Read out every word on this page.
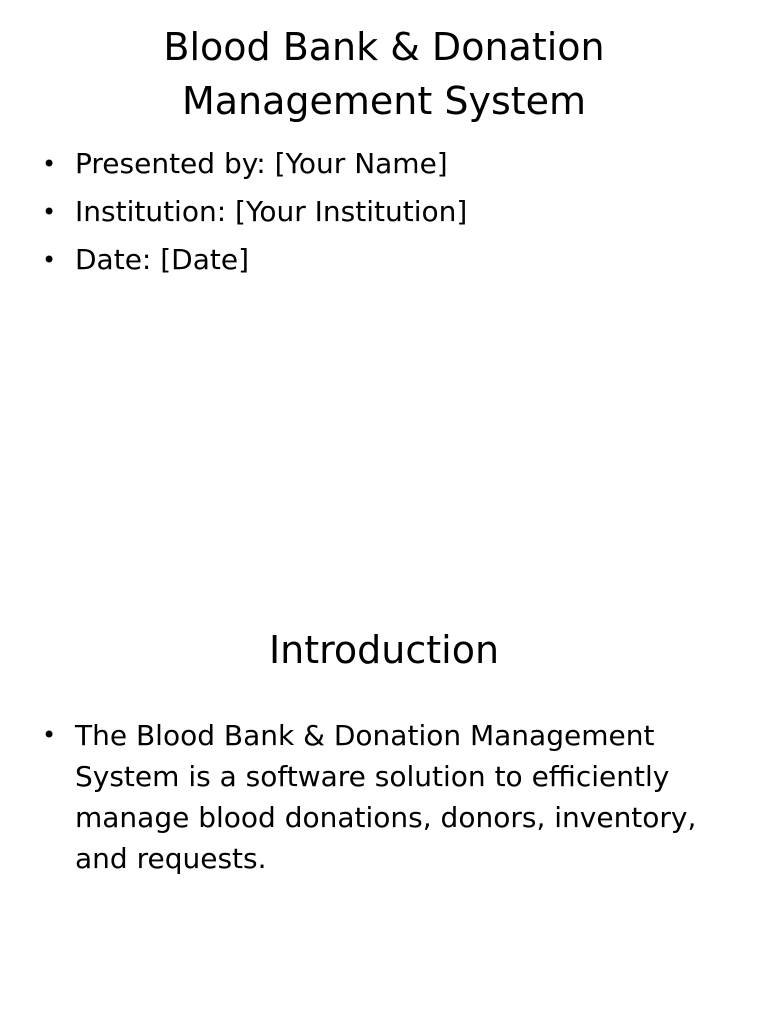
Blood Bank & Donation Management System
• Presented by: [Your Name]
• Institution: [Your Institution]
• Date: [Date]
Introduction
• The Blood Bank & Donation Management System is a software solution to efficiently manage blood donations, donors, inventory, and requests.
